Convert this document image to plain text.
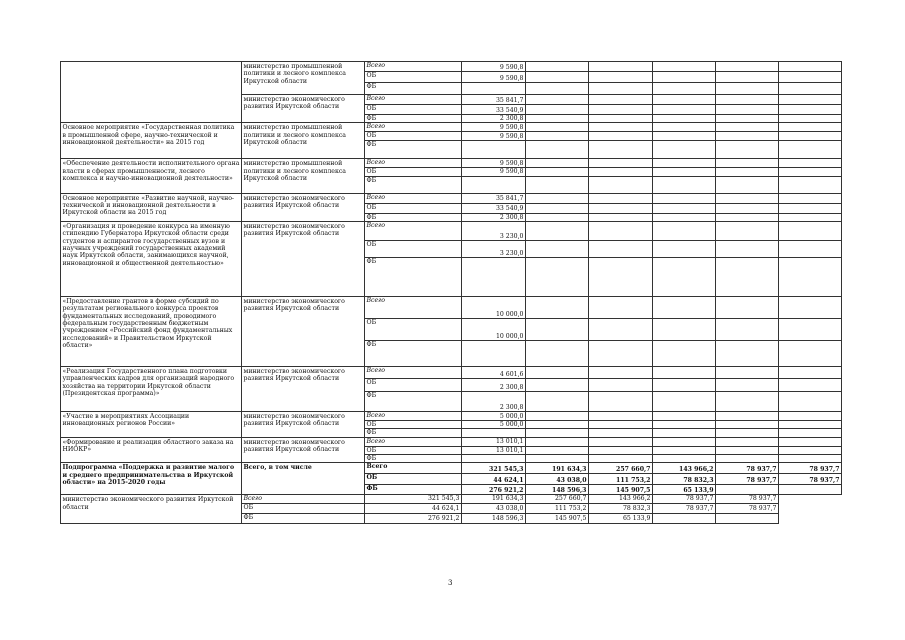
	министерство промышленной политики и лесного комплекса Иркутской области	Всего	9 590,8					
		ОБ	9 590,8					
		ФБ						
	министерство экономического развития Иркутской области	Всего	35 841,7					
		ОБ	33 540,9					
		ФБ	2 300,8					
Основное мероприятие «Государственная политика в промышленной сфере, научно-технической и инновационной деятельности» на 2015 год	министерство промышленной политики и лесного комплекса Иркутской области	Всего	9 590,8					
		ОБ	9 590,8					
		ФБ						
«Обеспечение деятельности исполнительного органа власти в сферах промышленности, лесного комплекса и научно-инновационной деятельности»	министерство промышленной политики и лесного комплекса Иркутской области	Всего	9 590,8					
		ОБ	9 590,8					
		ФБ						
Основное мероприятие «Развитие научной, научно-технической и инновационной деятельности в Иркутской области на 2015 год	министерство экономического развития Иркутской области	Всего	35 841,7					
		ОБ	33 540,9					
		ФБ	2 300,8					
«Организация и проведение конкурса на именную стипендию Губернатора Иркутской области среди студентов и аспирантов государственных вузов и научных учреждений государственных академий наук Иркутской области, занимающихся научной, инновационной и общественной деятельностью»	министерство экономического развития Иркутской области	Всего	3 230,0					
		ОБ	3 230,0					
		ФБ						
«Предоставление грантов в форме субсидий по результатам регионального конкурса проектов фундаментальных исследований, проводимого федеральным государственным бюджетным учреждением «Российский фонд фундаментальных исследований» и Правительством Иркутской области»	министерство экономического развития Иркутской области	Всего	10 000,0					
		ОБ	10 000,0					
		ФБ						
«Реализация Государственного плана подготовки управленческих кадров для организаций народного хозяйства на территории Иркутской области (Президентская программа)»	министерство экономического развития Иркутской области	Всего	4 601,6					
		ОБ	2 300,8					
		ФБ	2 300,8					
«Участие в мероприятиях Ассоциации инновационных регионов России»	министерство экономического развития Иркутской области	Всего	5 000,0					
		ОБ	5 000,0					
		ФБ						
«Формирование и реализация областного заказа на НИОКР»	министерство экономического развития Иркутской области	Всего	13 010,1					
		ОБ	13 010,1					
		ФБ						
Подпрограмма «Поддержка и развитие малого и среднего предпринимательства в Иркутской области» на 2015-2020 годы	Всего, в том числе	Всего	321 545,3	191 634,3	257 660,7	143 966,2	78 937,7	78 937,7
		ОБ	44 624,1	43 038,0	111 753,2	78 832,3	78 937,7	78 937,7
		ФБ	276 921,2	148 596,3	145 907,5	65 133,9		
министерство экономического развития Иркутской области	Всего	321 545,3	191 634,3	257 660,7	143 966,2	78 937,7	78 937,7	
	ОБ	44 624,1	43 038,0	111 753,2	78 832,3	78 937,7	78 937,7	
	ФБ	276 921,2	148 596,3	145 907,5	65 133,9			
3
